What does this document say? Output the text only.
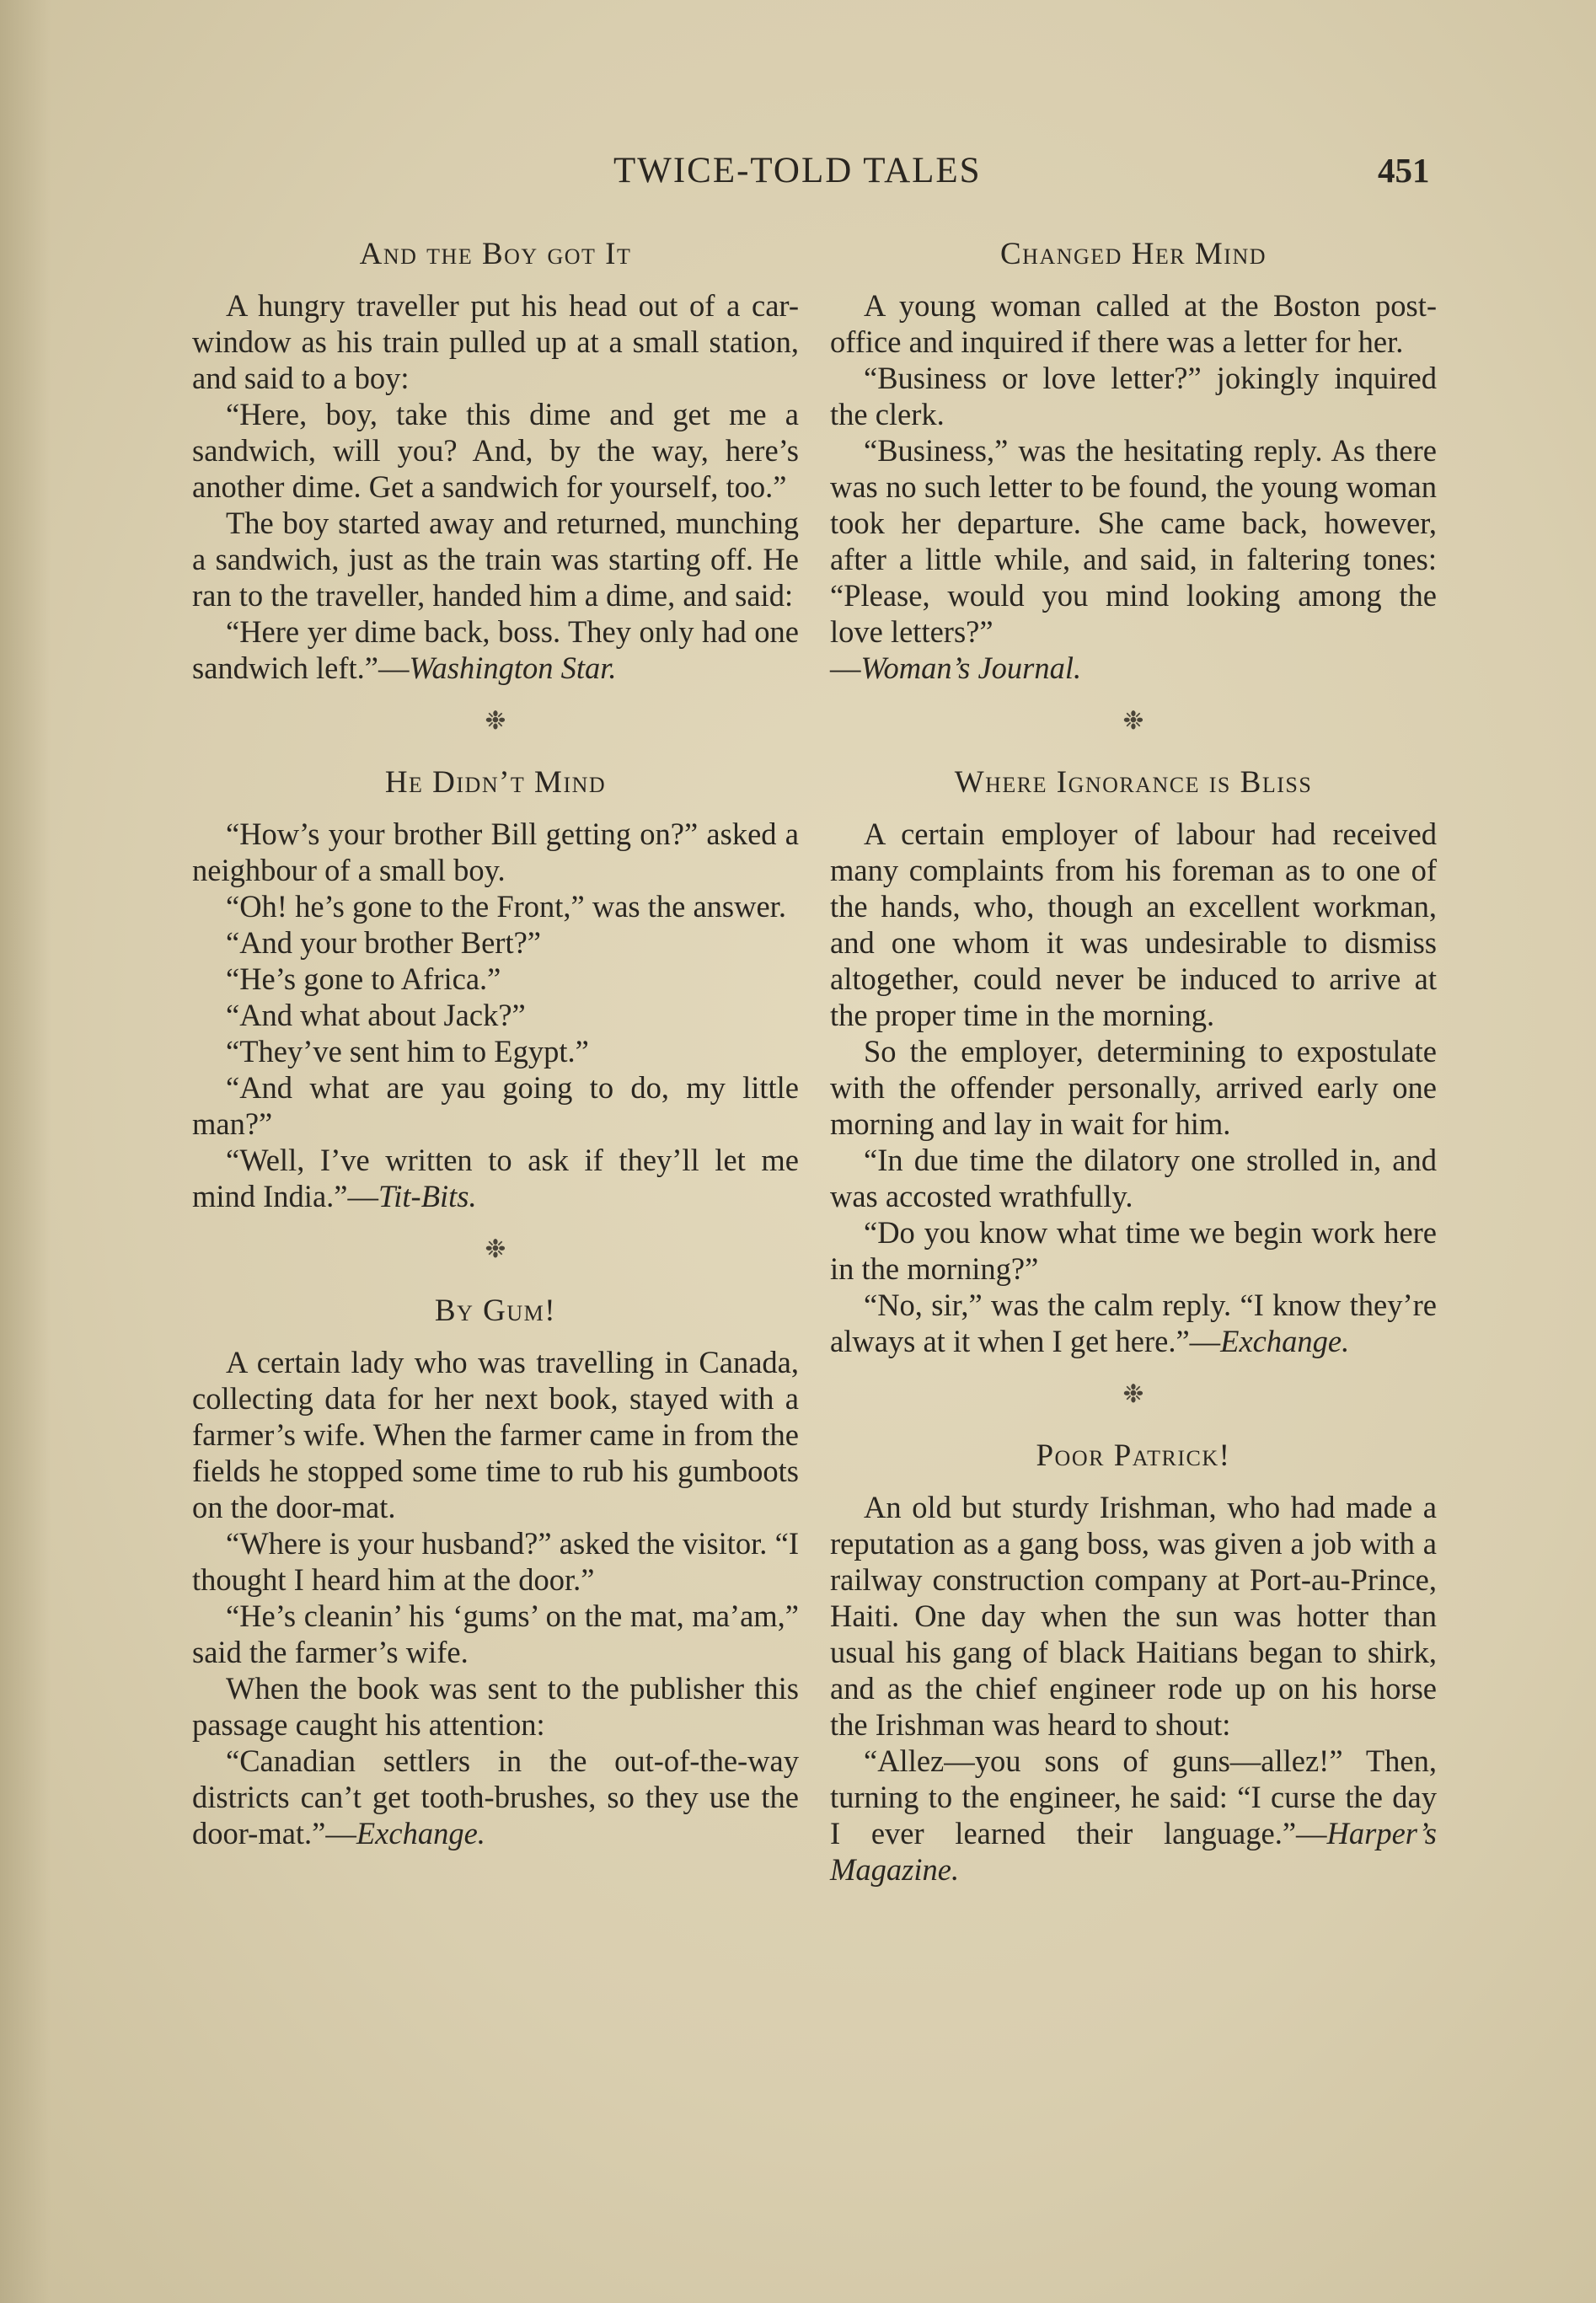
TWICE-TOLD TALES	451
And the Boy got It

A hungry traveller put his head out of a car-window as his train pulled up at a small station, and said to a boy:

“Here, boy, take this dime and get me a sandwich, will you? And, by the way, here’s another dime. Get a sandwich for yourself, too.”

The boy started away and returned, munching a sandwich, just as the train was starting off. He ran to the traveller, handed him a dime, and said:

“Here yer dime back, boss. They only had one sandwich left.”—Washington Star.

❉
He Didn’t Mind

“How’s your brother Bill getting on?” asked a neighbour of a small boy.

“Oh! he’s gone to the Front,” was the answer.

“And your brother Bert?”

“He’s gone to Africa.”

“And what about Jack?”

“They’ve sent him to Egypt.”

“And what are yau going to do, my little man?”

“Well, I’ve written to ask if they’ll let me mind India.”—Tit-Bits.

❉
By Gum!

A certain lady who was travelling in Canada, collecting data for her next book, stayed with a farmer’s wife. When the farmer came in from the fields he stopped some time to rub his gumboots on the door-mat.

“Where is your husband?” asked the visitor. “I thought I heard him at the door.”

“He’s cleanin’ his ‘gums’ on the mat, ma’am,” said the farmer’s wife.

When the book was sent to the publisher this passage caught his attention:

“Canadian settlers in the out-of-the-way districts can’t get tooth-brushes, so they use the door-mat.”—Exchange.

Changed Her Mind

A young woman called at the Boston post-office and inquired if there was a letter for her.

“Business or love letter?” jokingly inquired the clerk.

“Business,” was the hesitating reply. As there was no such letter to be found, the young woman took her departure. She came back, however, after a little while, and said, in faltering tones: “Please, would you mind looking among the love letters?”

—Woman’s Journal.

❉
Where Ignorance is Bliss

A certain employer of labour had received many complaints from his foreman as to one of the hands, who, though an excellent workman, and one whom it was undesirable to dismiss altogether, could never be induced to arrive at the proper time in the morning.

So the employer, determining to expostulate with the offender personally, arrived early one morning and lay in wait for him.

“In due time the dilatory one strolled in, and was accosted wrathfully.

“Do you know what time we begin work here in the morning?”

“No, sir,” was the calm reply. “I know they’re always at it when I get here.”—Exchange.

❉
Poor Patrick!

An old but sturdy Irishman, who had made a reputation as a gang boss, was given a job with a railway construction company at Port-au-Prince, Haiti. One day when the sun was hotter than usual his gang of black Haitians began to shirk, and as the chief engineer rode up on his horse the Irishman was heard to shout:

“Allez—you sons of guns—allez!” Then, turning to the engineer, he said: “I curse the day I ever learned their language.”—Harper’s Magazine.
